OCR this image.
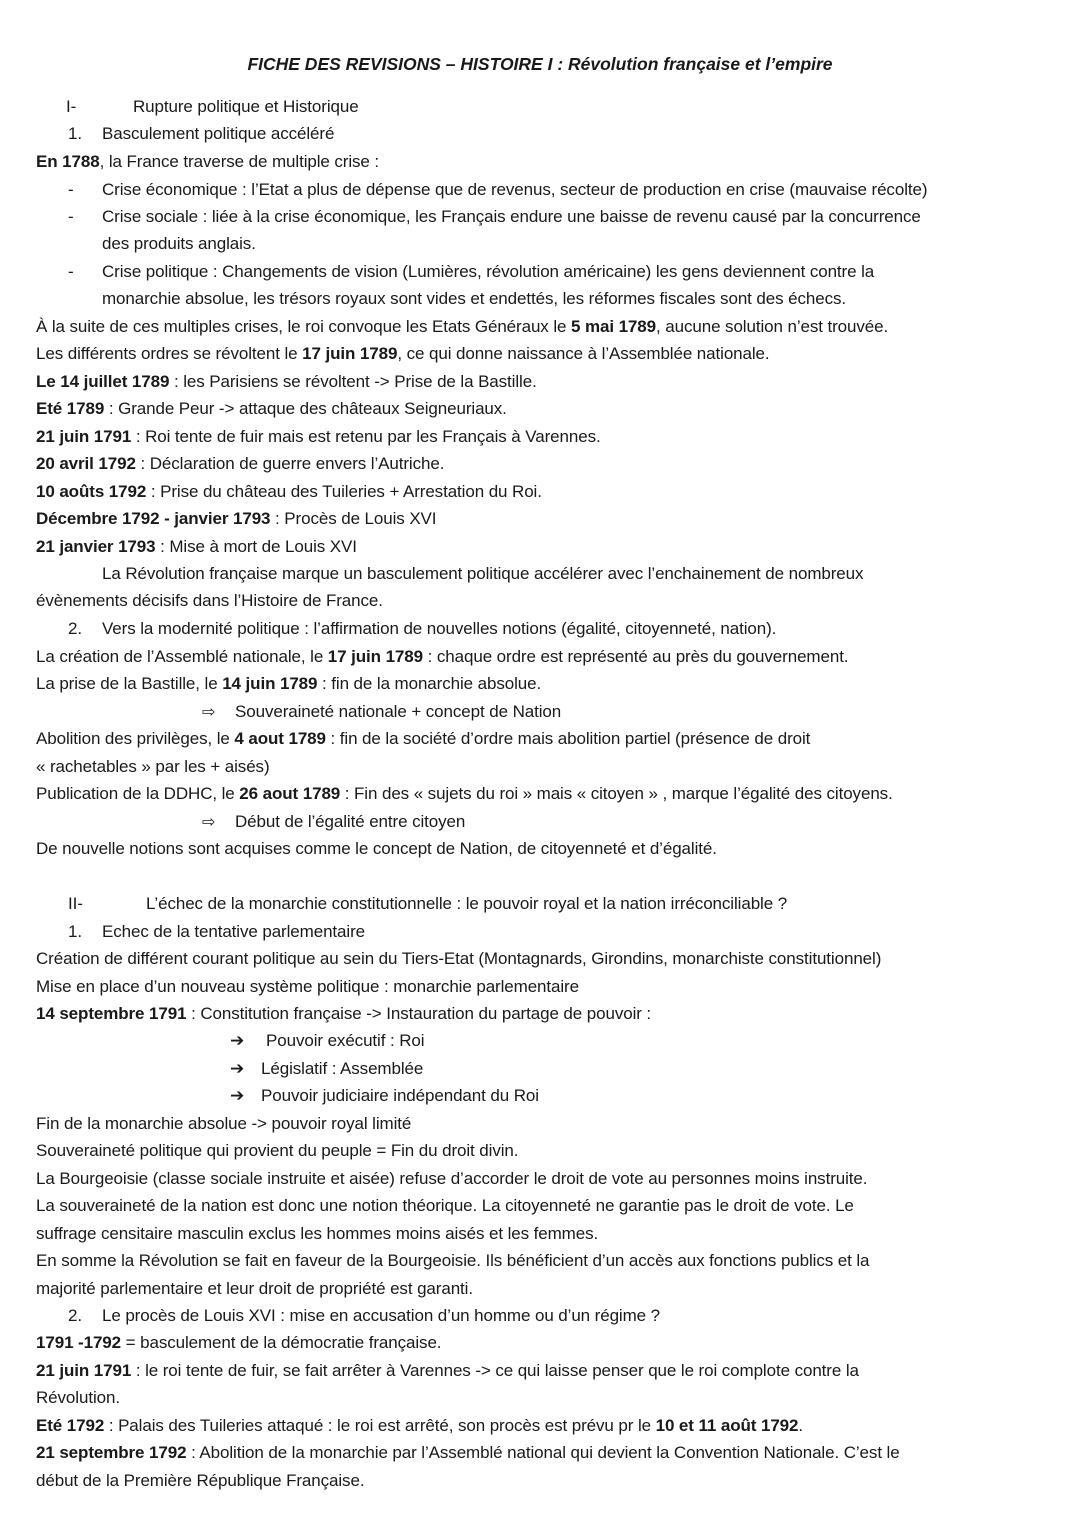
FICHE DES REVISIONS – HISTOIRE I : Révolution française et l’empire
I-	Rupture politique et Historique
1. Basculement politique accéléré
En 1788, la France traverse de multiple crise :
- Crise économique : l’Etat a plus de dépense que de revenus, secteur de production en crise (mauvaise récolte)
- Crise sociale : liée à la crise économique, les Français endure une baisse de revenu causé par la concurrence
des produits anglais.
- Crise politique : Changements de vision (Lumières, révolution américaine) les gens deviennent contre la
monarchie absolue, les trésors royaux sont vides et endettés, les réformes fiscales sont des échecs.
À la suite de ces multiples crises, le roi convoque les Etats Généraux le 5 mai 1789, aucune solution n’est trouvée.
Les différents ordres se révoltent le 17 juin 1789, ce qui donne naissance à l’Assemblée nationale.
Le 14 juillet 1789 : les Parisiens se révoltent -> Prise de la Bastille.
Eté 1789 : Grande Peur -> attaque des châteaux Seigneuriaux.
21 juin 1791 : Roi tente de fuir mais est retenu par les Français à Varennes.
20 avril 1792 : Déclaration de guerre envers l’Autriche.
10 aoûts 1792 : Prise du château des Tuileries + Arrestation du Roi.
Décembre 1792 - janvier 1793 : Procès de Louis XVI
21 janvier 1793 : Mise à mort de Louis XVI
La Révolution française marque un basculement politique accélérer avec l’enchainement de nombreux
évènements décisifs dans l’Histoire de France.
2. Vers la modernité politique : l’affirmation de nouvelles notions (égalité, citoyenneté, nation).
La création de l’Assemblé nationale, le 17 juin 1789 : chaque ordre est représenté au près du gouvernement.
La prise de la Bastille, le 14 juin 1789 : fin de la monarchie absolue.
⇨ Souveraineté nationale + concept de Nation
Abolition des privilèges, le 4 aout 1789 : fin de la société d’ordre mais abolition partiel (présence de droit
« rachetables » par les + aisés)
Publication de la DDHC, le 26 aout 1789 : Fin des « sujets du roi » mais « citoyen » , marque l’égalité des citoyens.
⇨ Début de l’égalité entre citoyen
De nouvelle notions sont acquises comme le concept de Nation, de citoyenneté et d’égalité.
II-	L’échec de la monarchie constitutionnelle : le pouvoir royal et la nation irréconciliable ?
1. Echec de la tentative parlementaire
Création de différent courant politique au sein du Tiers-Etat (Montagnards, Girondins, monarchiste constitutionnel)
Mise en place d’un nouveau système politique : monarchie parlementaire
14 septembre 1791 : Constitution française -> Instauration du partage de pouvoir :
➔ Pouvoir exécutif : Roi
➔ Législatif : Assemblée
➔ Pouvoir judiciaire indépendant du Roi
Fin de la monarchie absolue -> pouvoir royal limité
Souveraineté politique qui provient du peuple = Fin du droit divin.
La Bourgeoisie (classe sociale instruite et aisée) refuse d’accorder le droit de vote au personnes moins instruite.
La souveraineté de la nation est donc une notion théorique. La citoyenneté ne garantie pas le droit de vote. Le
suffrage censitaire masculin exclus les hommes moins aisés et les femmes.
En somme la Révolution se fait en faveur de la Bourgeoisie. Ils bénéficient d’un accès aux fonctions publics et la
majorité parlementaire et leur droit de propriété est garanti.
2. Le procès de Louis XVI : mise en accusation d’un homme ou d’un régime ?
1791 -1792 = basculement de la démocratie française.
21 juin 1791 : le roi tente de fuir, se fait arrêter à Varennes -> ce qui laisse penser que le roi complote contre la
Révolution.
Eté 1792 : Palais des Tuileries attaqué : le roi est arrêté, son procès est prévu pr le 10 et 11 août 1792.
21 septembre 1792 : Abolition de la monarchie par l’Assemblé national qui devient la Convention Nationale. C’est le
début de la Première République Française.
